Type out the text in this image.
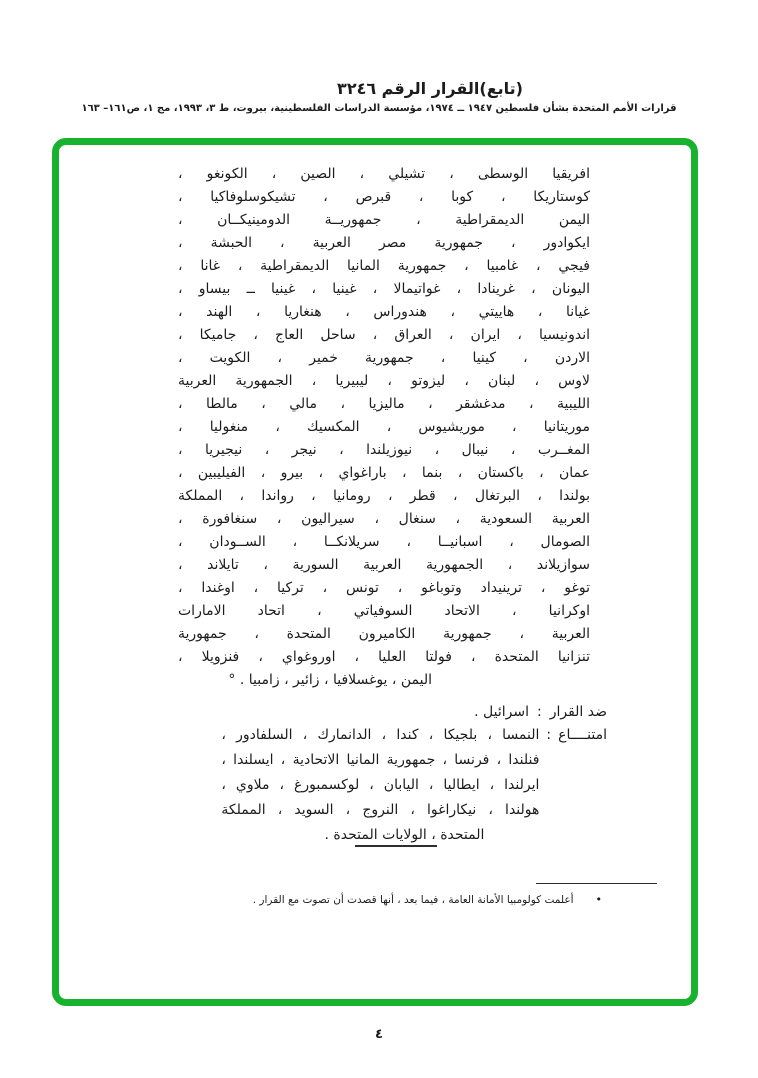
(تابع)القرار الرقم ٣٢٤٦
قرارات الأمم المتحدة بشأن فلسطين ١٩٤٧ ــ ١٩٧٤، مؤسسة الدراسات الفلسطينية، بيروت، ط ٣، ١٩٩٣، مج ١، ص١٦١– ١٦٣
افريقيا الوسطى ، تشيلي ، الصين ، الكونغو ،
كوستاريكا ، كوبا ، قبرص ، تشيكوسلوفاكيا ،
اليمن الديمقراطية ، جمهوريــة الدومينيكــان ،
ايكوادور ، جمهورية مصر العربية ، الحبشة ،
فيجي ، غامبيا ، جمهورية المانيا الديمقراطية ، غانا ،
اليونان ، غرينادا ، غواتيمالا ، غينيا ، غينيا ــ بيساو ،
غيانا ، هاييتي ، هندوراس ، هنغاريا ، الهند ،
اندونيسيا ، ايران ، العراق ، ساحل العاج ، جاميكا ،
الاردن ، كينيا ، جمهورية خمير ، الكويت ،
لاوس ، لبنان ، ليزوتو ، ليبيريا ، الجمهورية العربية
الليبية ، مدغشقر ، ماليزيا ، مالي ، مالطا ،
موريتانيا ، موريشيوس ، المكسيك ، منغوليا ،
المغــرب ، نيبال ، نيوزيلندا ، نيجر ، نيجيريا ،
عمان ، باكستان ، بنما ، باراغواي ، بيرو ، الفيليبين ،
بولندا ، البرتغال ، قطر ، رومانيا ، رواندا ، المملكة
العربية السعودية ، سنغال ، سيراليون ، سنغافورة ،
الصومال ، اسبانيــا ، سريلانكــا ، الســودان ،
سوازيلاند ، الجمهورية العربية السورية ، تايلاند ،
توغو ، ترينيداد وتوباغو ، تونس ، تركيا ، اوغندا ،
اوكرانيا ، الاتحاد السوفياتي ، اتحاد الامارات
العربية ، جمهورية الكاميرون المتحدة ، جمهورية
تنزانيا المتحدة ، فولتا العليا ، اوروغواي ، فنزويلا ،
اليمن ، يوغسلافيا ، زائير ، زامبيا . °
ضد القرار
:
اسرائيل .
امتنــــاع
:
النمسا ، بلجيكا ، كندا ، الدانمارك ، السلفادور ،
فنلندا ، فرنسا ، جمهورية المانيا الاتحادية ، ايسلندا ،
ايرلندا ، ايطاليا ، اليابان ، لوكسمبورغ ، ملاوي ،
هولندا ، نيكاراغوا ، النروج ، السويد ، المملكة
المتحدة ، الولايات المتحدة .
•
أعلمت كولومبيا الأمانة العامة ، فيما بعد ، أنها قصدت أن تصوت مع القرار .
٤
